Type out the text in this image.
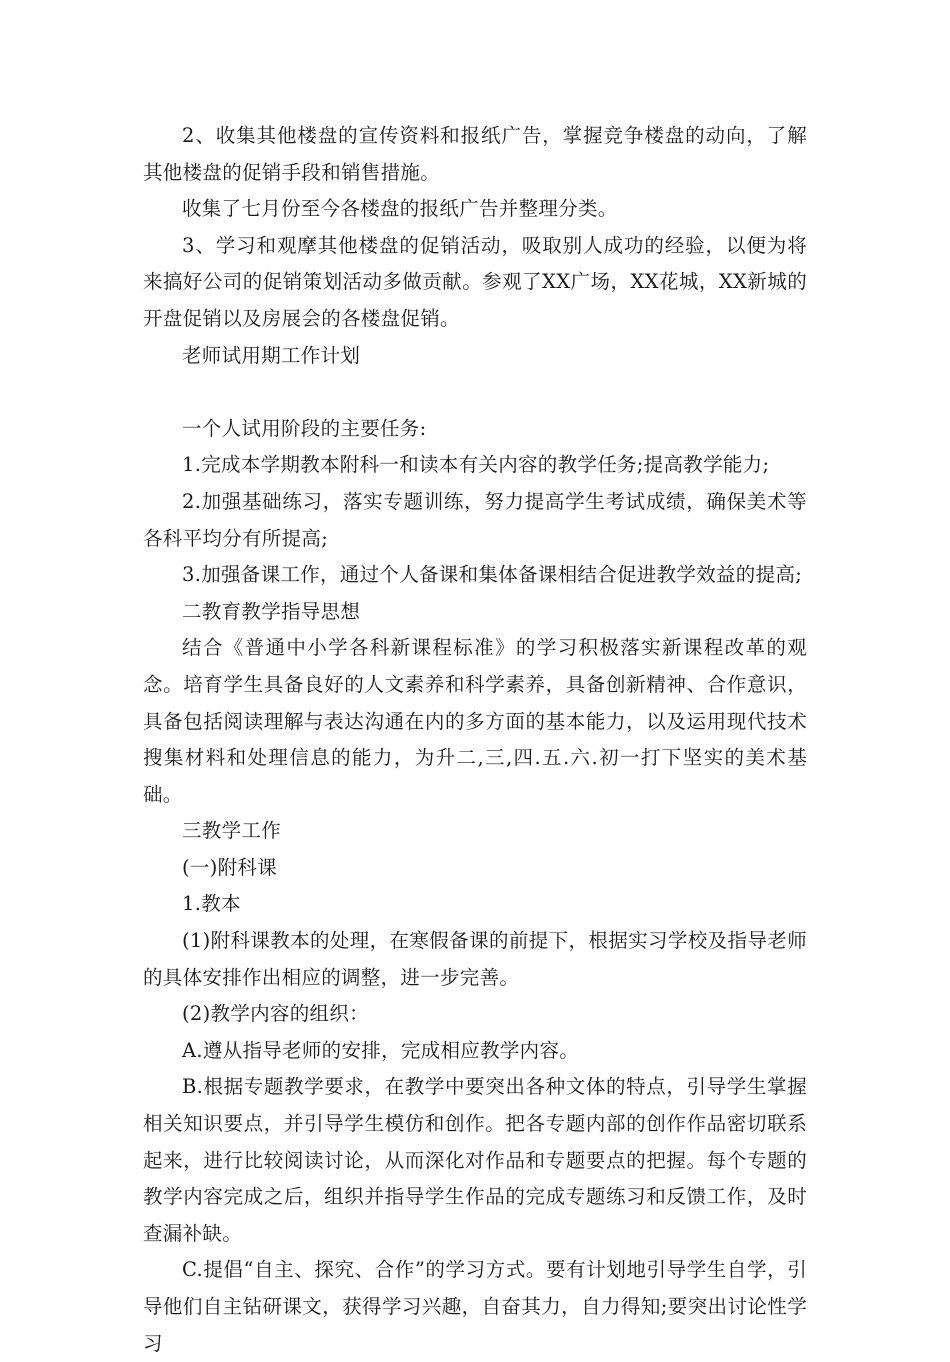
2、收集其他楼盘的宣传资料和报纸广告，掌握竞争楼盘的动向，了解其他楼盘的促销手段和销售措施。

收集了七月份至今各楼盘的报纸广告并整理分类。

3、学习和观摩其他楼盘的促销活动，吸取别人成功的经验，以便为将来搞好公司的促销策划活动多做贡献。参观了XX广场，XX花城，XX新城的开盘促销以及房展会的各楼盘促销。

老师试用期工作计划

一个人试用阶段的主要任务:

1.完成本学期教本附科一和读本有关内容的教学任务;提高教学能力;

2.加强基础练习，落实专题训练，努力提高学生考试成绩，确保美术等各科平均分有所提高;

3.加强备课工作，通过个人备课和集体备课相结合促进教学效益的提高;

二教育教学指导思想

结合《普通中小学各科新课程标准》的学习积极落实新课程改革的观念。培育学生具备良好的人文素养和科学素养，具备创新精神、合作意识，具备包括阅读理解与表达沟通在内的多方面的基本能力，以及运用现代技术搜集材料和处理信息的能力，为升二,三,四.五.六.初一打下坚实的美术基础。

三教学工作

(一)附科课

1.教本

(1)附科课教本的处理，在寒假备课的前提下，根据实习学校及指导老师的具体安排作出相应的调整，进一步完善。

(2)教学内容的组织：

A.遵从指导老师的安排，完成相应教学内容。

B.根据专题教学要求，在教学中要突出各种文体的特点，引导学生掌握相关知识要点，并引导学生模仿和创作。把各专题内部的创作作品密切联系起来，进行比较阅读讨论，从而深化对作品和专题要点的把握。每个专题的教学内容完成之后，组织并指导学生作品的完成专题练习和反馈工作，及时查漏补缺。

C.提倡“自主、探究、合作”的学习方式。要有计划地引导学生自学，引导他们自主钻研课文，获得学习兴趣，自奋其力，自力得知;要突出讨论性学习
